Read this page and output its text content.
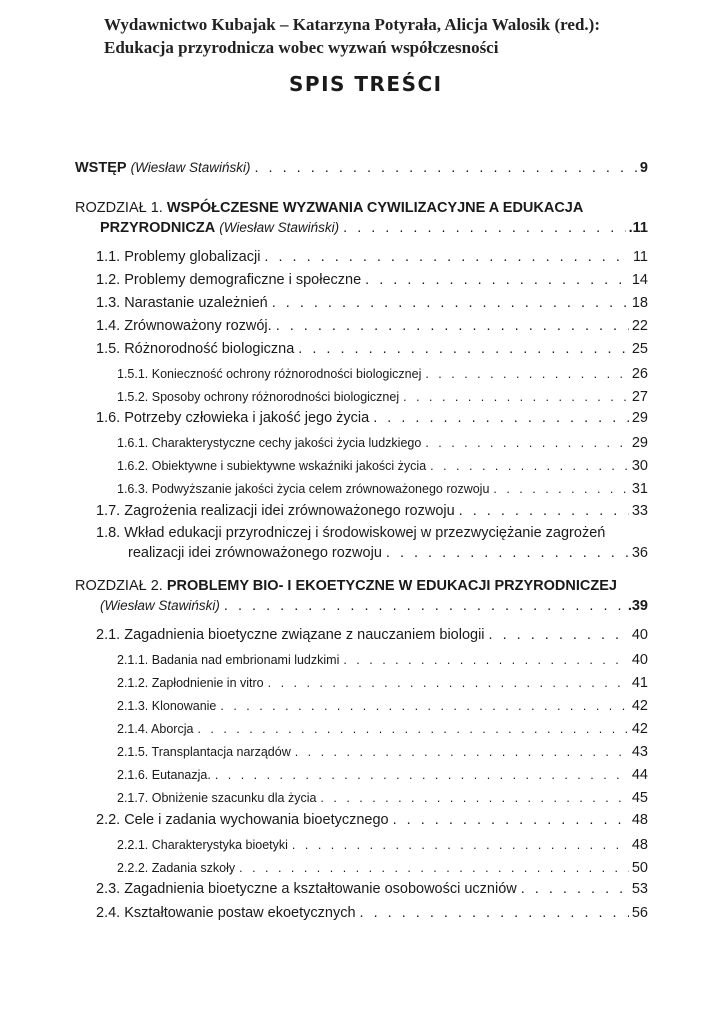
Wydawnictwo Kubajak – Katarzyna Potyrała, Alicja Walosik (red.):
Edukacja przyrodnicza wobec wyzwań współczesności
SPIS TREŚCI
WSTĘP (Wiesław Stawiński) . . .	9
ROZDZIAŁ 1. WSPÓŁCZESNE WYZWANIA CYWILIZACYJNE A EDUKACJA
PRZYRODNICZA (Wiesław Stawiński) . . .	.11
1.1. Problemy globalizacji . . .	11
1.2. Problemy demograficzne i społeczne . . .	14
1.3. Narastanie uzależnień . . .	18
1.4. Zrównoważony rozwój. . . .	22
1.5. Różnorodność biologiczna . . .	25
1.5.1. Konieczność ochrony różnorodności biologicznej . . .	26
1.5.2. Sposoby ochrony różnorodności biologicznej . . .	27
1.6. Potrzeby człowieka i jakość jego życia . . .	29
1.6.1. Charakterystyczne cechy jakości życia ludzkiego . . .	29
1.6.2. Obiektywne i subiektywne wskaźniki jakości życia . . .	30
1.6.3. Podwyższanie jakości życia celem zrównoważonego rozwoju . . .	31
1.7. Zagrożenia realizacji idei zrównoważonego rozwoju . . .	33
1.8. Wkład edukacji przyrodniczej i środowiskowej w przezwyciężanie zagrożeń
realizacji idei zrównoważonego rozwoju . . .	36
ROZDZIAŁ 2. PROBLEMY BIO- I EKOETYCZNE W EDUKACJI PRZYRODNICZEJ
(Wiesław Stawiński) . . .	.39
2.1. Zagadnienia bioetyczne związane z nauczaniem biologii . . .	40
2.1.1. Badania nad embrionami ludzkimi . . .	40
2.1.2. Zapłodnienie in vitro . . .	41
2.1.3. Klonowanie . . .	42
2.1.4. Aborcja . . .	42
2.1.5. Transplantacja narządów . . .	43
2.1.6. Eutanazja. . . .	44
2.1.7. Obniżenie szacunku dla życia . . .	45
2.2. Cele i zadania wychowania bioetycznego . . .	48
2.2.1. Charakterystyka bioetyki . . .	48
2.2.2. Zadania szkoły . . .	50
2.3. Zagadnienia bioetyczne a kształtowanie osobowości uczniów . . .	53
2.4. Kształtowanie postaw ekoetycznych . . .	56
